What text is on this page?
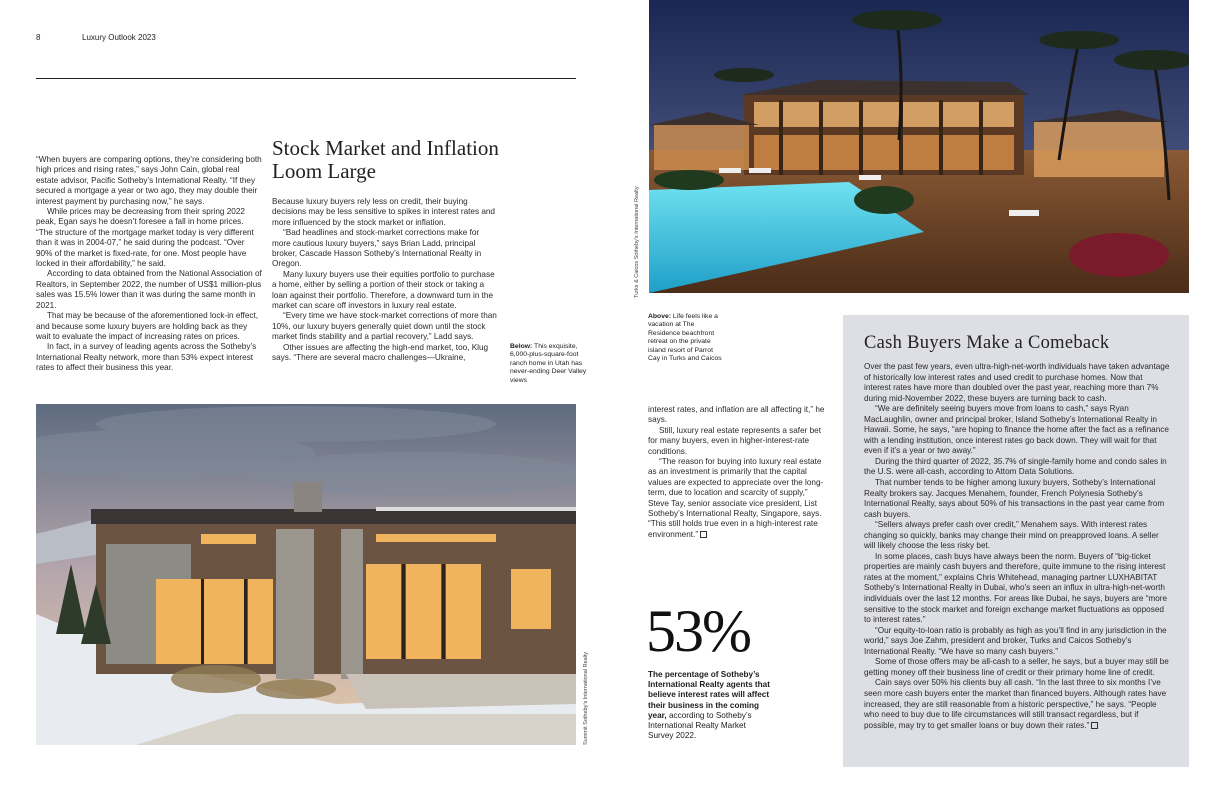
8	Luxury Outlook 2023

“When buyers are comparing options, they’re considering both high prices and rising rates,” says John Cain, global real estate advisor, Pacific Sotheby’s International Realty. “If they secured a mortgage a year or two ago, they may double their interest payment by purchasing now,” he says.

While prices may be decreasing from their spring 2022 peak, Egan says he doesn’t foresee a fall in home prices. “The structure of the mortgage market today is very different than it was in 2004-07,” he said during the podcast. “Over 90% of the market is fixed-rate, for one. Most people have locked in their affordability,” he said.

According to data obtained from the National Association of Realtors, in September 2022, the number of US$1 million-plus sales was 15.5% lower than it was during the same month in 2021.

That may be because of the aforementioned lock-in effect, and because some luxury buyers are holding back as they wait to evaluate the impact of increasing rates on prices.

In fact, in a survey of leading agents across the Sotheby’s International Realty network, more than 53% expect interest rates to affect their business this year.

Stock Market and Inflation Loom Large

Because luxury buyers rely less on credit, their buying decisions may be less sensitive to spikes in interest rates and more influenced by the stock market or inflation.

“Bad headlines and stock-market corrections make for more cautious luxury buyers,” says Brian Ladd, principal broker, Cascade Hasson Sotheby’s International Realty in Oregon.

Many luxury buyers use their equities portfolio to purchase a home, either by selling a portion of their stock or taking a loan against their portfolio. Therefore, a downward turn in the market can scare off investors in luxury real estate.

“Every time we have stock-market corrections of more than 10%, our luxury buyers generally quiet down until the stock market finds stability and a partial recovery,” Ladd says.

Other issues are affecting the high-end market, too, Klug says. “There are several macro challenges—Ukraine,

Below: This exquisite, 6,000-plus-square-foot ranch home in Utah has never-ending Deer Valley views
Above: Life feels like a vacation at The Residence beachfront retreat on the private island resort of Parrot Cay in Turks and Caicos
Turks & Caicos Sotheby’s International Realty
Summit Sotheby’s International Realty

interest rates, and inflation are all affecting it,” he says.

Still, luxury real estate represents a safer bet for many buyers, even in higher-interest-rate conditions.

“The reason for buying into luxury real estate as an investment is primarily that the capital values are expected to appreciate over the long-term, due to location and scarcity of supply,” Steve Tay, senior associate vice president, List Sotheby’s International Realty, Singapore, says. “This still holds true even in a high-interest rate environment.”

53%
The percentage of Sotheby’s International Realty agents that believe interest rates will affect their business in the coming year, according to Sotheby’s International Realty Market Survey 2022.
Cash Buyers Make a Comeback

Over the past few years, even ultra-high-net-worth individuals have taken advantage of historically low interest rates and used credit to purchase homes. Now that interest rates have more than doubled over the past year, reaching more than 7% during mid-November 2022, these buyers are turning back to cash.

“We are definitely seeing buyers move from loans to cash,” says Ryan MacLaughlin, owner and principal broker, Island Sotheby’s International Realty in Hawaii. Some, he says, “are hoping to finance the home after the fact as a refinance with a lending institution, once interest rates go back down. They will wait for that even if it’s a year or two away.”

During the third quarter of 2022, 35.7% of single-family home and condo sales in the U.S. were all-cash, according to Attom Data Solutions.

That number tends to be higher among luxury buyers, Sotheby’s International Realty brokers say. Jacques Menahem, founder, French Polynesia Sotheby’s International Realty, says about 50% of his transactions in the past year came from cash buyers.

“Sellers always prefer cash over credit,” Menahem says. With interest rates changing so quickly, banks may change their mind on preapproved loans. A seller will likely choose the less risky bet.

In some places, cash buys have always been the norm. Buyers of “big-ticket properties are mainly cash buyers and therefore, quite immune to the rising interest rates at the moment,” explains Chris Whitehead, managing partner LUXHABITAT Sotheby’s International Realty in Dubai, who’s seen an influx in ultra-high-net-worth individuals over the last 12 months. For areas like Dubai, he says, buyers are “more sensitive to the stock market and foreign exchange market fluctuations as opposed to interest rates.”

“Our equity-to-loan ratio is probably as high as you’ll find in any jurisdiction in the world,” says Joe Zahm, president and broker, Turks and Caicos Sotheby’s International Realty. “We have so many cash buyers.”

Some of those offers may be all-cash to a seller, he says, but a buyer may still be getting money off their business line of credit or their primary home line of credit.

Cain says over 50% his clients buy all cash. “In the last three to six months I’ve seen more cash buyers enter the market than financed buyers. Although rates have increased, they are still reasonable from a historic perspective,” he says. “People who need to buy due to life circumstances will still transact regardless, but if possible, may try to get smaller loans or buy down their rates.”
